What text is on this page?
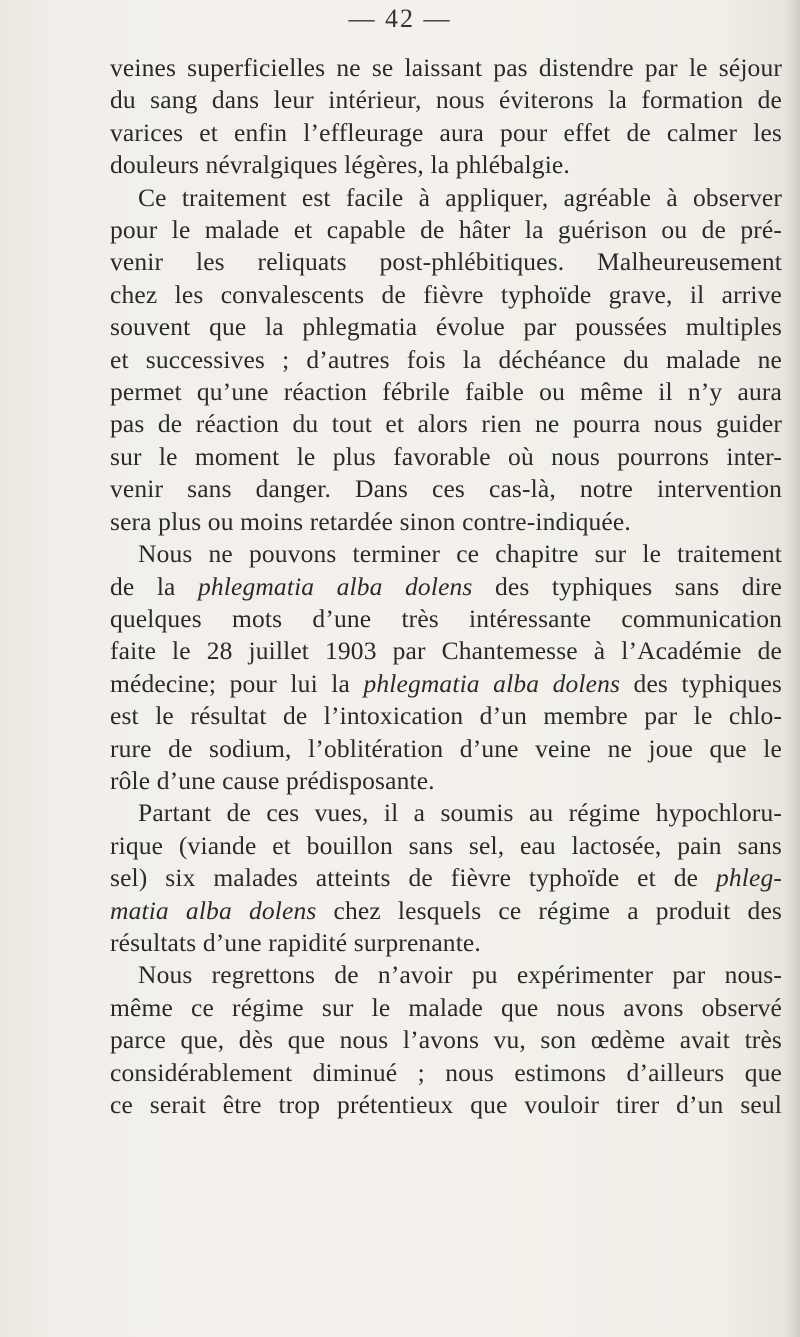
— 42 —
veines superficielles ne se laissant pas distendre par le séjour
du sang dans leur intérieur, nous éviterons la formation de
varices et enfin l’effleurage aura pour effet de calmer les
douleurs névralgiques légères, la phlébalgie.
Ce traitement est facile à appliquer, agréable à observer
pour le malade et capable de hâter la guérison ou de pré-
venir les reliquats post-phlébitiques. Malheureusement
chez les convalescents de fièvre typhoïde grave, il arrive
souvent que la phlegmatia évolue par poussées multiples
et successives ; d’autres fois la déchéance du malade ne
permet qu’une réaction fébrile faible ou même il n’y aura
pas de réaction du tout et alors rien ne pourra nous guider
sur le moment le plus favorable où nous pourrons inter-
venir sans danger. Dans ces cas-là, notre intervention
sera plus ou moins retardée sinon contre-indiquée.
Nous ne pouvons terminer ce chapitre sur le traitement
de la phlegmatia alba dolens des typhiques sans dire
quelques mots d’une très intéressante communication
faite le 28 juillet 1903 par Chantemesse à l’Académie de
médecine; pour lui la phlegmatia alba dolens des typhiques
est le résultat de l’intoxication d’un membre par le chlo-
rure de sodium, l’oblitération d’une veine ne joue que le
rôle d’une cause prédisposante.
Partant de ces vues, il a soumis au régime hypochloru-
rique (viande et bouillon sans sel, eau lactosée, pain sans
sel) six malades atteints de fièvre typhoïde et de phleg-
matia alba dolens chez lesquels ce régime a produit des
résultats d’une rapidité surprenante.
Nous regrettons de n’avoir pu expérimenter par nous-
même ce régime sur le malade que nous avons observé
parce que, dès que nous l’avons vu, son œdème avait très
considérablement diminué ; nous estimons d’ailleurs que
ce serait être trop prétentieux que vouloir tirer d’un seul
